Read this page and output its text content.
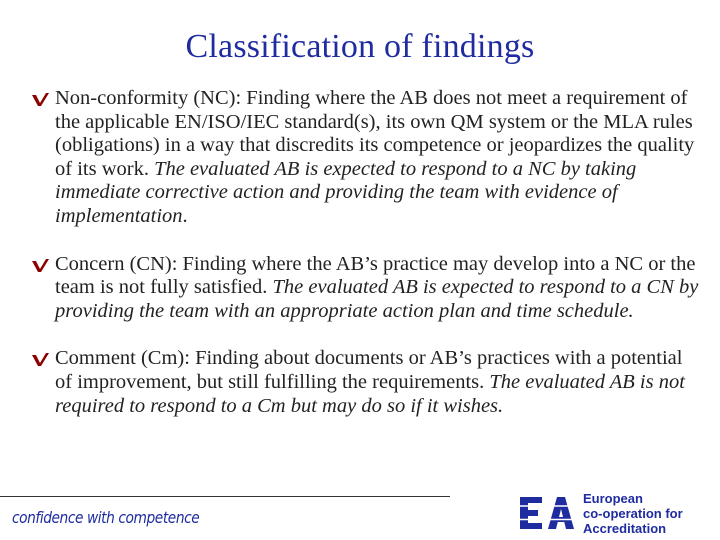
Classification of findings
Non-conformity (NC): Finding where the AB does not meet a requirement of the applicable EN/ISO/IEC standard(s), its own QM system or the MLA rules (obligations) in a way that discredits its competence or jeopardizes the quality of its work. The evaluated AB is expected to respond to a NC by taking immediate corrective action and providing the team with evidence of implementation.
Concern (CN): Finding where the AB’s practice may develop into a NC or the team is not fully satisfied. The evaluated AB is expected to respond to a CN by providing the team with an appropriate action plan and time schedule.
Comment (Cm): Finding about documents or AB’s practices with a potential of improvement, but still fulfilling the requirements. The evaluated AB is not required to respond to a Cm but may do so if it wishes.
confidence with competence
European
co-operation for
Accreditation
